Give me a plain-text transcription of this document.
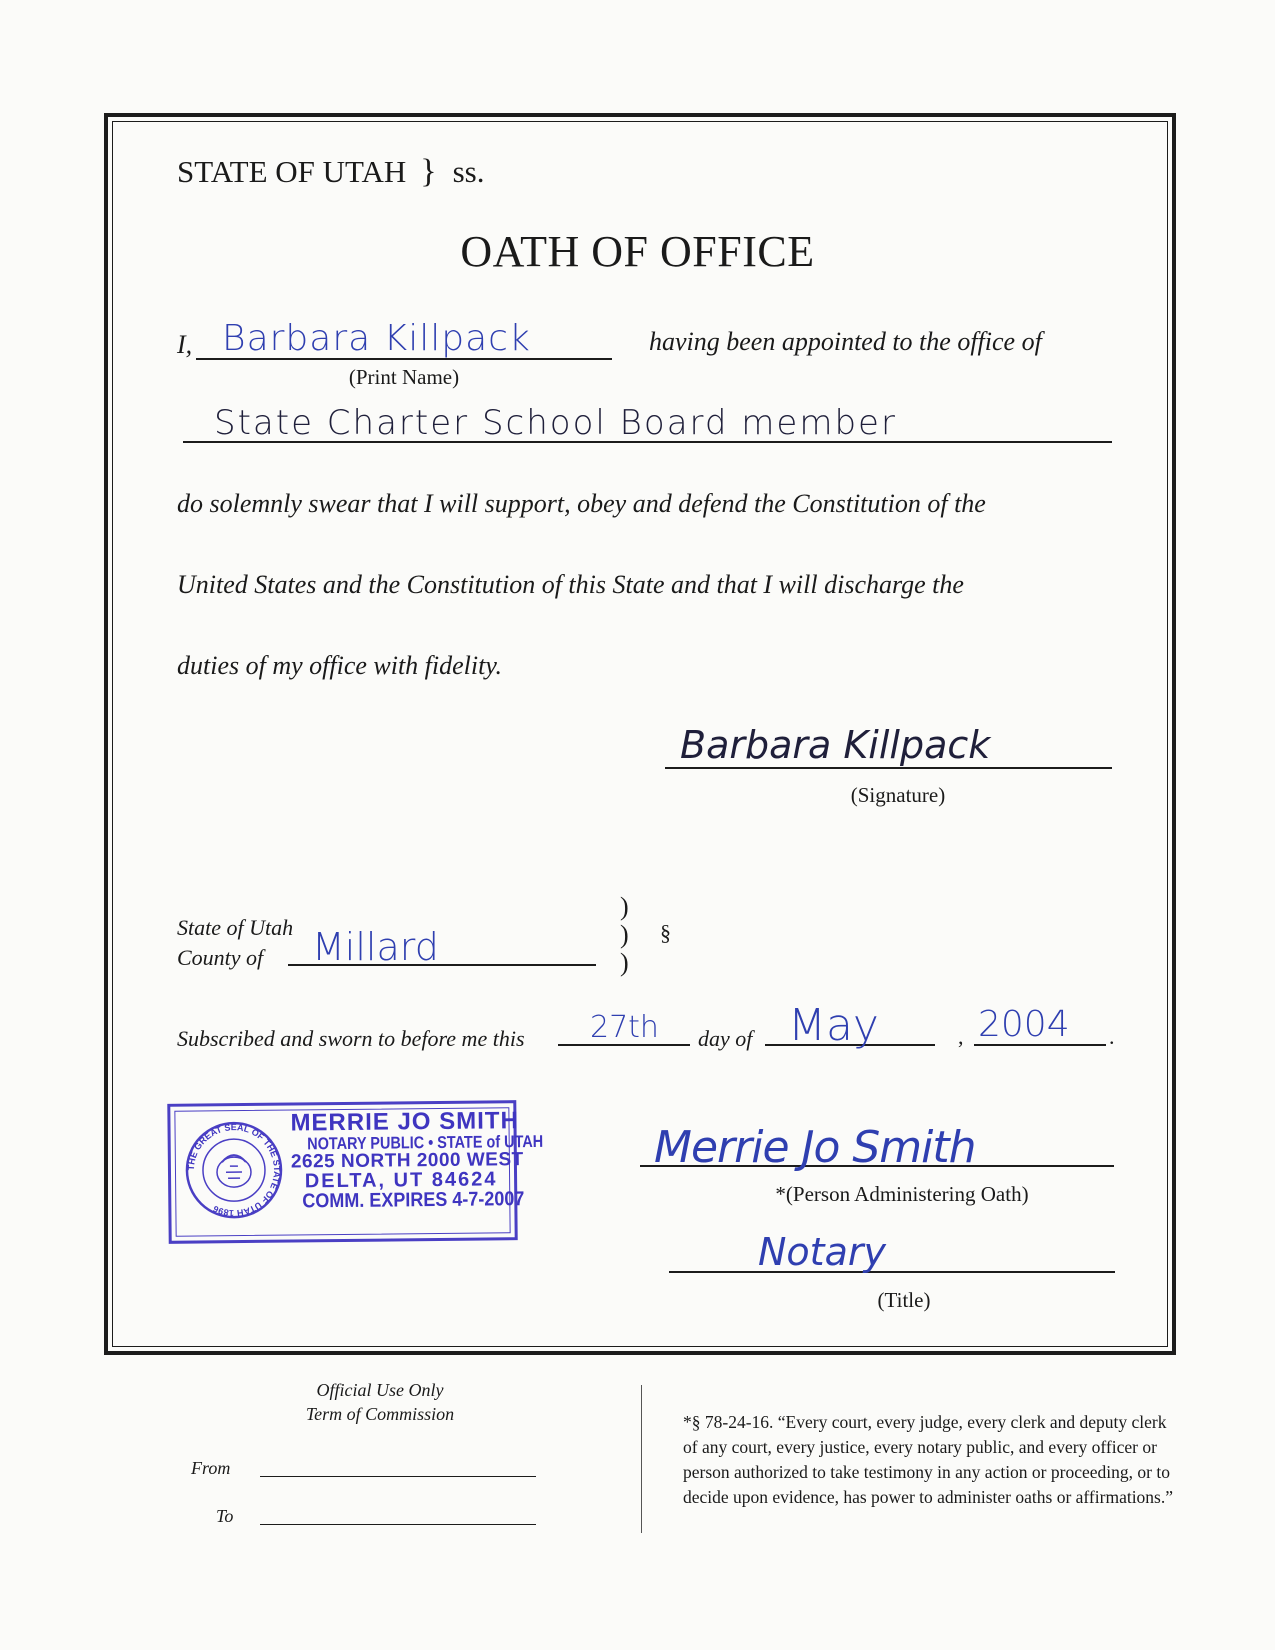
STATE OF UTAH } ss.
OATH OF OFFICE
I, Barbara Killpack
(Print Name)
having been appointed to the office of
State Charter School Board member
do solemnly swear that I will support, obey and defend the Constitution of the
United States and the Constitution of this State and that I will discharge the
duties of my office with fidelity.
Barbara Killpack
(Signature)
State of Utah
County of Millard
)
)
)
§
Subscribed and sworn to before me this 27th day of May	, 2004 .
THE GREAT SEAL OF THE STATE OF UTAH 1896
MERRIE JO SMITH
NOTARY PUBLIC • STATE of UTAH
2625 NORTH 2000 WEST
DELTA, UT 84624
COMM. EXPIRES 4-7-2007
Merrie Jo Smith
*(Person Administering Oath)
Notary
(Title)
Official Use Only
Term of Commission
From
To
*§ 78-24-16. “Every court, every judge, every clerk and deputy clerk of any court, every justice, every notary public, and every officer or person authorized to take testimony in any action or proceeding, or to decide upon evidence, has power to administer oaths or affirmations.”
